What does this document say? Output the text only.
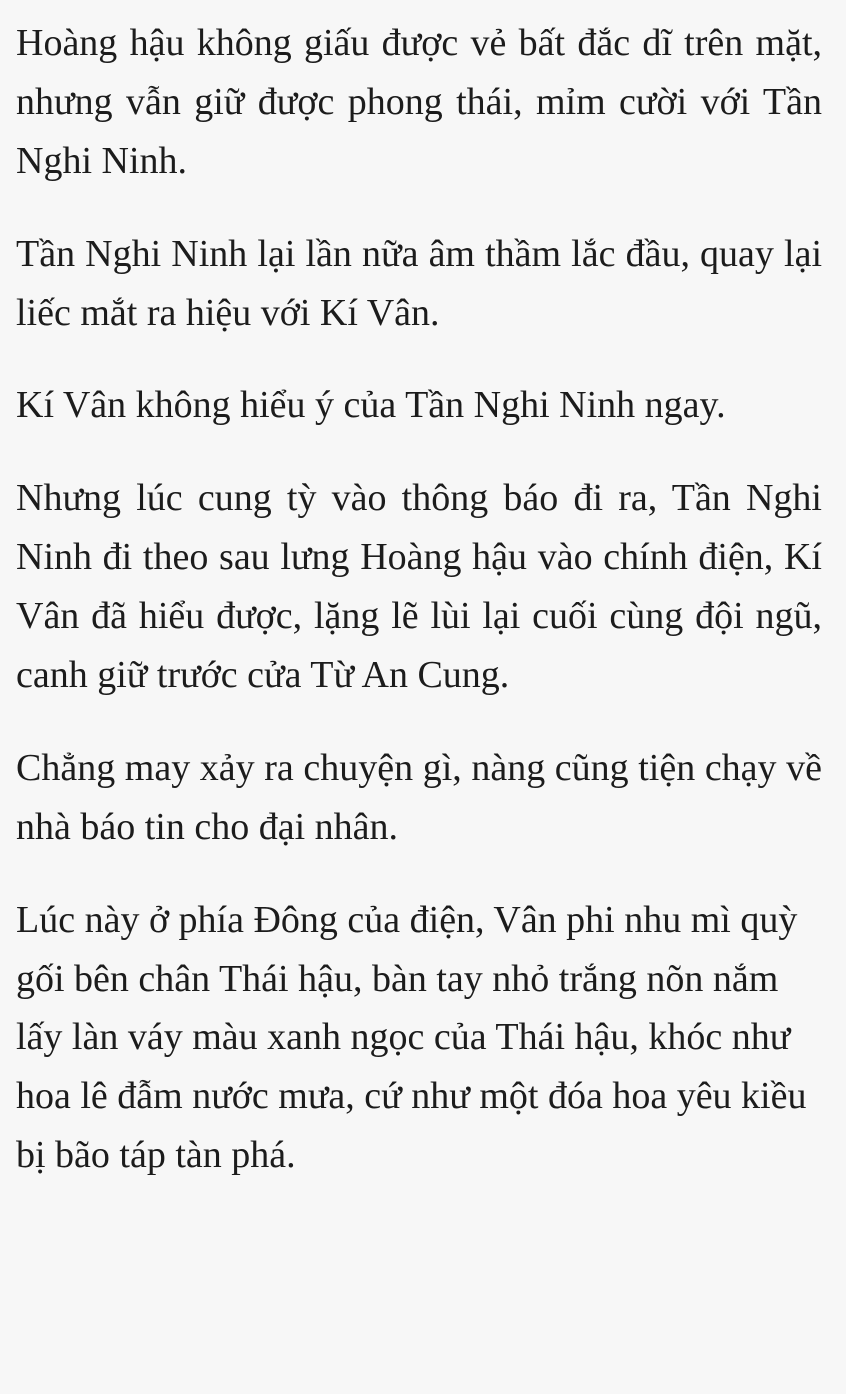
Hoàng hậu không giấu được vẻ bất đắc dĩ trên mặt, nhưng vẫn giữ được phong thái, mỉm cười với Tần Nghi Ninh.

Tần Nghi Ninh lại lần nữa âm thầm lắc đầu, quay lại liếc mắt ra hiệu với Kí Vân.

Kí Vân không hiểu ý của Tần Nghi Ninh ngay.

Nhưng lúc cung tỳ vào thông báo đi ra, Tần Nghi Ninh đi theo sau lưng Hoàng hậu vào chính điện, Kí Vân đã hiểu được, lặng lẽ lùi lại cuối cùng đội ngũ, canh giữ trước cửa Từ An Cung.

Chẳng may xảy ra chuyện gì, nàng cũng tiện chạy về nhà báo tin cho đại nhân.

Lúc này ở phía Đông của điện, Vân phi nhu mì quỳ gối bên chân Thái hậu, bàn tay nhỏ trắng nõn nắm lấy làn váy màu xanh ngọc của Thái hậu, khóc như hoa lê đẫm nước mưa, cứ như một đóa hoa yêu kiều bị bão táp tàn phá.
